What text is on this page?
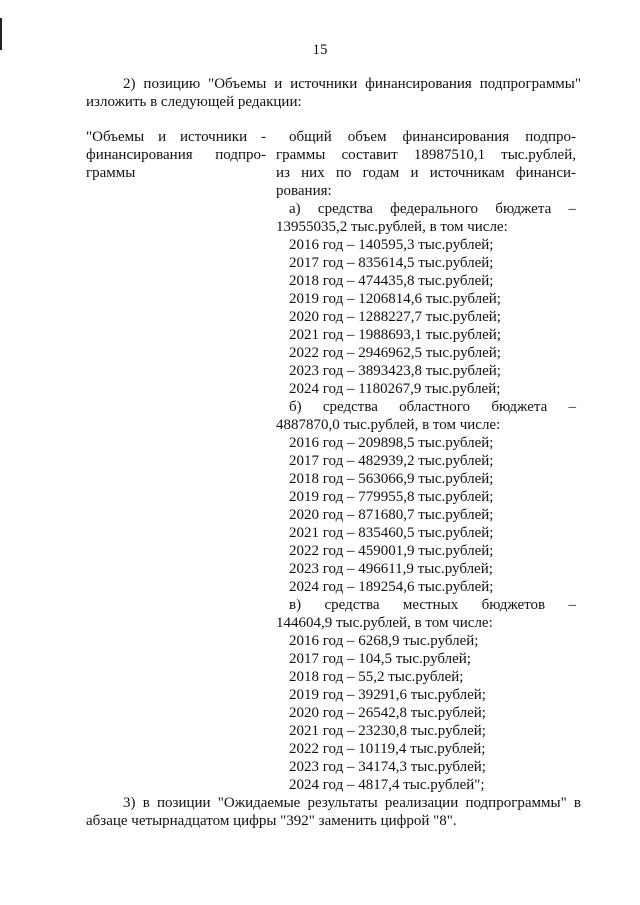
15

2) позицию "Объемы и источники финансирования подпрограммы" изложить в следующей редакции:

"Объемы и источники -
финансирования подпро-
граммы
общий объем финансирования подпро-
граммы составит 18987510,1 тыс.рублей,
из них по годам и источникам финанси-
рования:
а) средства федерального бюджета –
13955035,2 тыс.рублей, в том числе:
2016 год – 140595,3 тыс.рублей;
2017 год – 835614,5 тыс.рублей;
2018 год – 474435,8 тыс.рублей;
2019 год – 1206814,6 тыс.рублей;
2020 год – 1288227,7 тыс.рублей;
2021 год – 1988693,1 тыс.рублей;
2022 год – 2946962,5 тыс.рублей;
2023 год – 3893423,8 тыс.рублей;
2024 год – 1180267,9 тыс.рублей;
б) средства областного бюджета –
4887870,0 тыс.рублей, в том числе:
2016 год – 209898,5 тыс.рублей;
2017 год – 482939,2 тыс.рублей;
2018 год – 563066,9 тыс.рублей;
2019 год – 779955,8 тыс.рублей;
2020 год – 871680,7 тыс.рублей;
2021 год – 835460,5 тыс.рублей;
2022 год – 459001,9 тыс.рублей;
2023 год – 496611,9 тыс.рублей;
2024 год – 189254,6 тыс.рублей;
в) средства местных бюджетов –
144604,9 тыс.рублей, в том числе:
2016 год – 6268,9 тыс.рублей;
2017 год – 104,5 тыс.рублей;
2018 год – 55,2 тыс.рублей;
2019 год – 39291,6 тыс.рублей;
2020 год – 26542,8 тыс.рублей;
2021 год – 23230,8 тыс.рублей;
2022 год – 10119,4 тыс.рублей;
2023 год – 34174,3 тыс.рублей;
2024 год – 4817,4 тыс.рублей";

3) в позиции "Ожидаемые результаты реализации подпрограммы" в абзаце четырнадцатом цифры "392" заменить цифрой "8".
